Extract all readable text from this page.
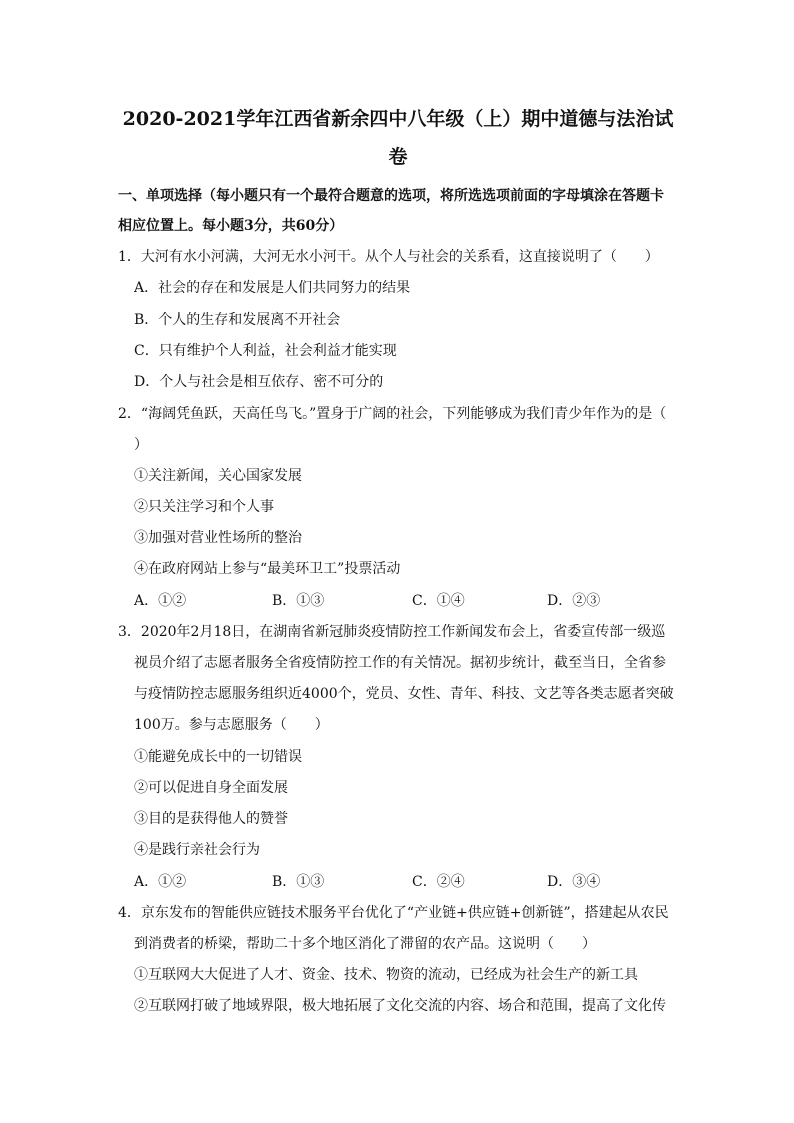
2020-2021学年江西省新余四中八年级（上）期中道德与法治试
卷
一、单项选择（每小题只有一个最符合题意的选项，将所选选项前面的字母填涂在答题卡
相应位置上。每小题3分，共60分）
1．大河有水小河满，大河无水小河干。从个人与社会的关系看，这直接说明了（　　）
A．社会的存在和发展是人们共同努力的结果
B．个人的生存和发展离不开社会
C．只有维护个人利益，社会利益才能实现
D．个人与社会是相互依存、密不可分的
2．“海阔凭鱼跃，天高任鸟飞。”置身于广阔的社会，下列能够成为我们青少年作为的是（
）
①关注新闻，关心国家发展
②只关注学习和个人事
③加强对营业性场所的整治
④在政府网站上参与“最美环卫工”投票活动
A．①②	B．①③	C．①④	D．②③
3．2020年2月18日，在湖南省新冠肺炎疫情防控工作新闻发布会上，省委宣传部一级巡
视员介绍了志愿者服务全省疫情防控工作的有关情况。据初步统计，截至当日，全省参
与疫情防控志愿服务组织近4000个，党员、女性、青年、科技、文艺等各类志愿者突破
100万。参与志愿服务（　　）
①能避免成长中的一切错误
②可以促进自身全面发展
③目的是获得他人的赞誉
④是践行亲社会行为
A．①②	B．①③	C．②④	D．③④
4．京东发布的智能供应链技术服务平台优化了“产业链+供应链+创新链”，搭建起从农民
到消费者的桥梁，帮助二十多个地区消化了滞留的农产品。这说明（　　）
①互联网大大促进了人才、资金、技术、物资的流动，已经成为社会生产的新工具
②互联网打破了地域界限，极大地拓展了文化交流的内容、场合和范围，提高了文化传
